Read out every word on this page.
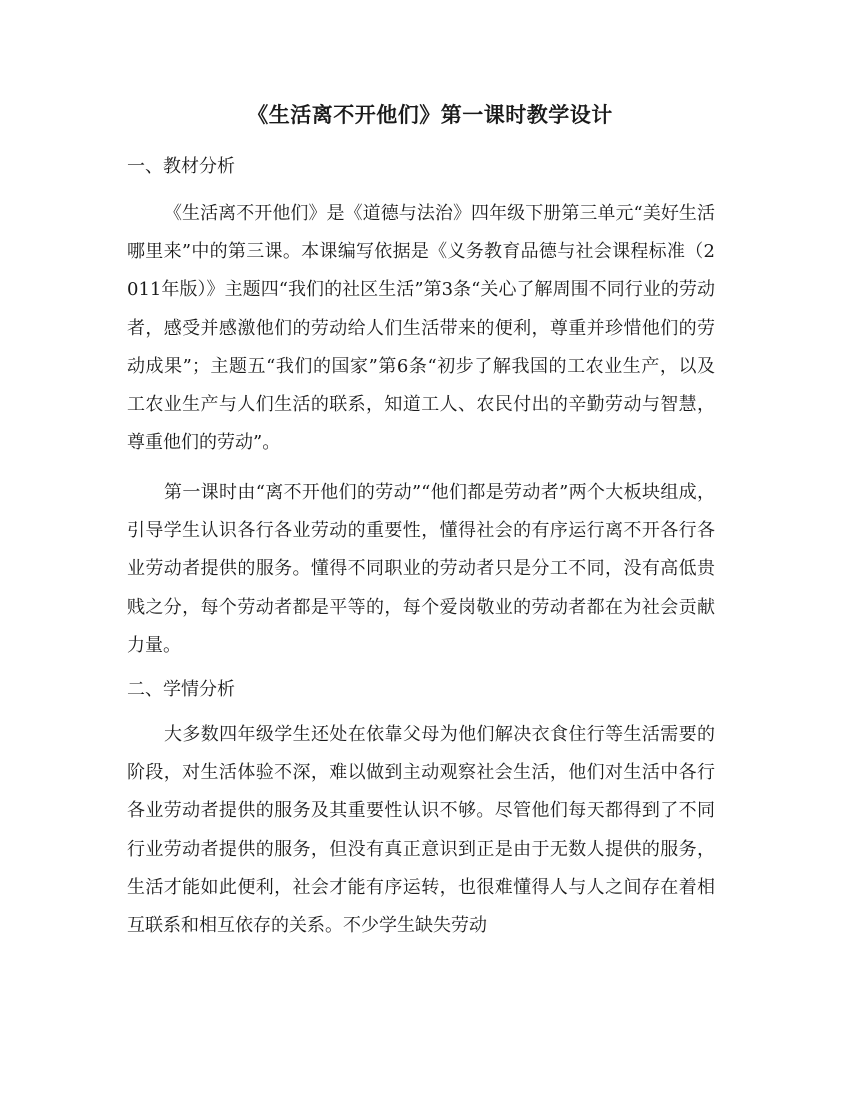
《生活离不开他们》第一课时教学设计
一、教材分析

《生活离不开他们》是《道德与法治》四年级下册第三单元“美好生活哪里来”中的第三课。本课编写依据是《义务教育品德与社会课程标准（2011年版）》主题四“我们的社区生活”第3条“关心了解周围不同行业的劳动者，感受并感激他们的劳动给人们生活带来的便利，尊重并珍惜他们的劳动成果”；主题五“我们的国家”第6条“初步了解我国的工农业生产，以及工农业生产与人们生活的联系，知道工人、农民付出的辛勤劳动与智慧，尊重他们的劳动”。

第一课时由“离不开他们的劳动”“他们都是劳动者”两个大板块组成，引导学生认识各行各业劳动的重要性，懂得社会的有序运行离不开各行各业劳动者提供的服务。懂得不同职业的劳动者只是分工不同，没有高低贵贱之分，每个劳动者都是平等的，每个爱岗敬业的劳动者都在为社会贡献力量。

二、学情分析

大多数四年级学生还处在依靠父母为他们解决衣食住行等生活需要的阶段，对生活体验不深，难以做到主动观察社会生活，他们对生活中各行各业劳动者提供的服务及其重要性认识不够。尽管他们每天都得到了不同行业劳动者提供的服务，但没有真正意识到正是由于无数人提供的服务，生活才能如此便利，社会才能有序运转，也很难懂得人与人之间存在着相互联系和相互依存的关系。不少学生缺失劳动
